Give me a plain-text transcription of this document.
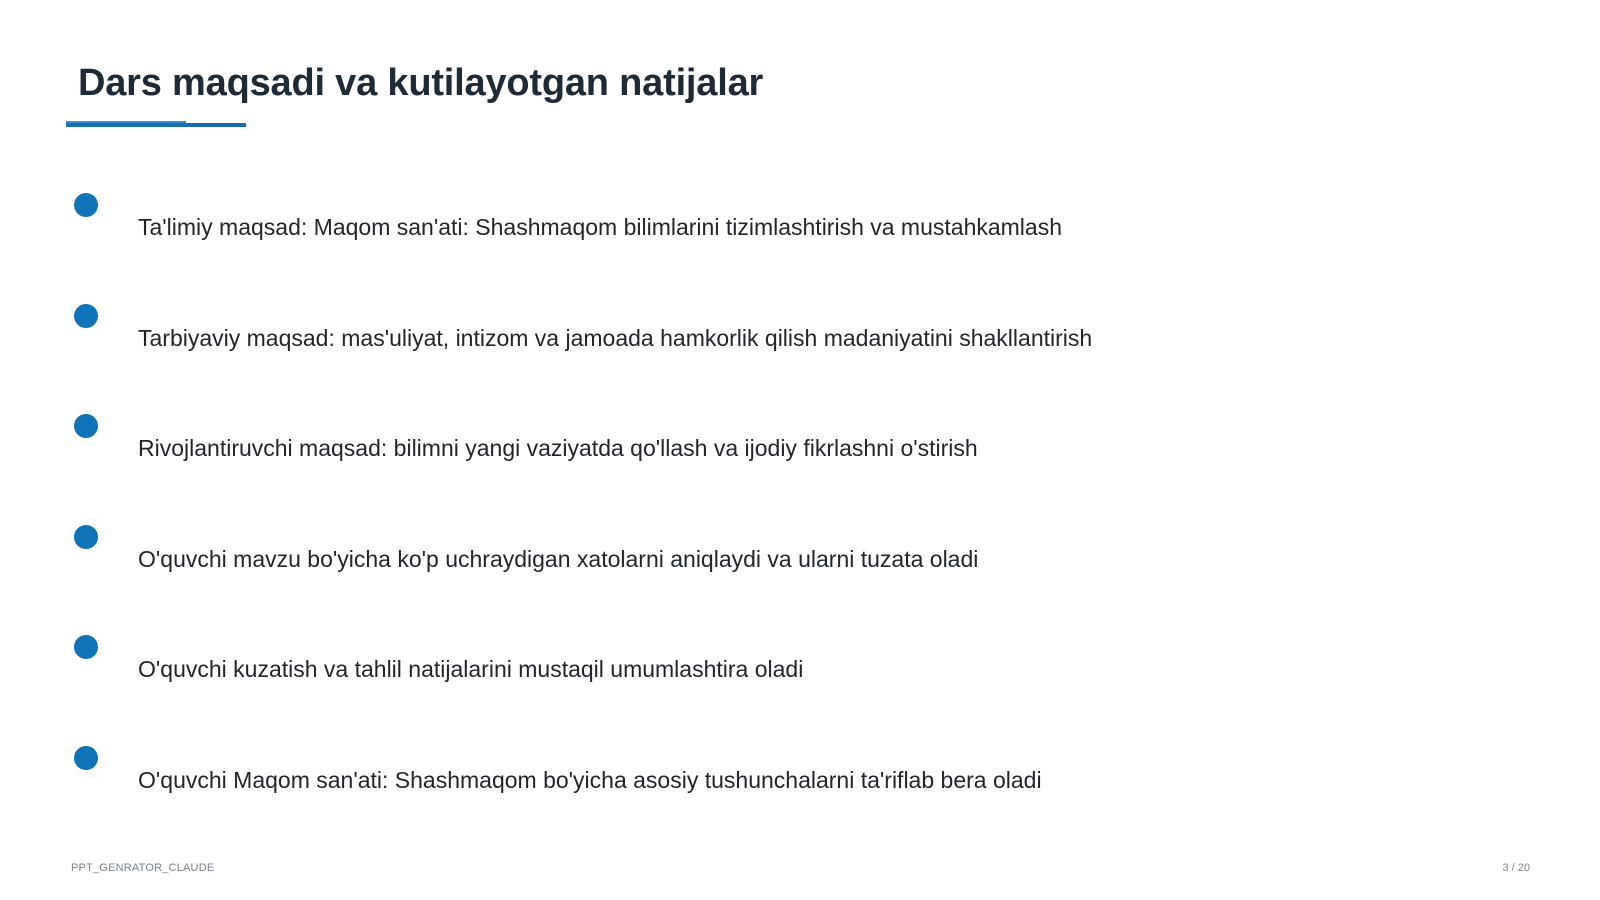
Dars maqsadi va kutilayotgan natijalar
Ta'limiy maqsad: Maqom san'ati: Shashmaqom bilimlarini tizimlashtirish va mustahkamlash
Tarbiyaviy maqsad: mas'uliyat, intizom va jamoada hamkorlik qilish madaniyatini shakllantirish
Rivojlantiruvchi maqsad: bilimni yangi vaziyatda qo'llash va ijodiy fikrlashni o'stirish
O'quvchi mavzu bo'yicha ko'p uchraydigan xatolarni aniqlaydi va ularni tuzata oladi
O'quvchi kuzatish va tahlil natijalarini mustaqil umumlashtira oladi
O'quvchi Maqom san'ati: Shashmaqom bo'yicha asosiy tushunchalarni ta'riflab bera oladi
PPT_GENRATOR_CLAUDE	3 / 20
